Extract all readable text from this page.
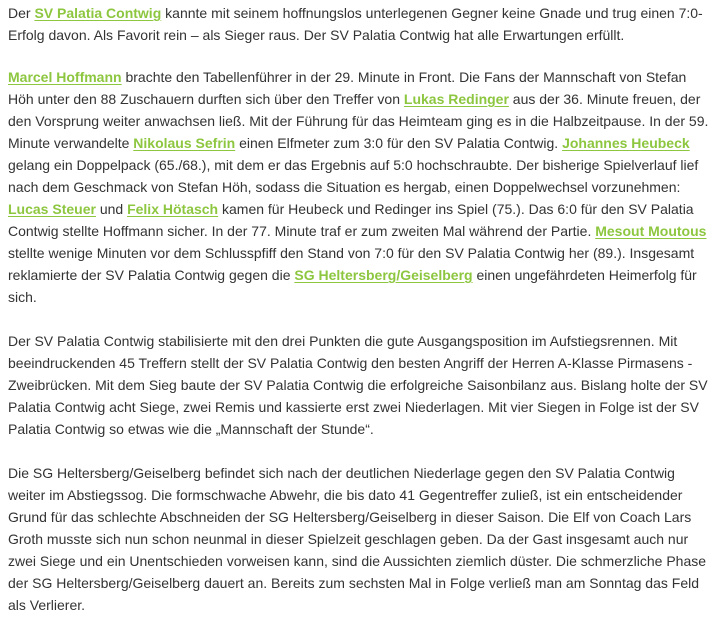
Der SV Palatia Contwig kannte mit seinem hoffnungslos unterlegenen Gegner keine Gnade und trug einen 7:0-Erfolg davon. Als Favorit rein – als Sieger raus. Der SV Palatia Contwig hat alle Erwartungen erfüllt.

Marcel Hoffmann brachte den Tabellenführer in der 29. Minute in Front. Die Fans der Mannschaft von Stefan Höh unter den 88 Zuschauern durften sich über den Treffer von Lukas Redinger aus der 36. Minute freuen, der den Vorsprung weiter anwachsen ließ. Mit der Führung für das Heimteam ging es in die Halbzeitpause. In der 59. Minute verwandelte Nikolaus Sefrin einen Elfmeter zum 3:0 für den SV Palatia Contwig. Johannes Heubeck gelang ein Doppelpack (65./68.), mit dem er das Ergebnis auf 5:0 hochschraubte. Der bisherige Spielverlauf lief nach dem Geschmack von Stefan Höh, sodass die Situation es hergab, einen Doppelwechsel vorzunehmen: Lucas Steuer und Felix Hötasch kamen für Heubeck und Redinger ins Spiel (75.). Das 6:0 für den SV Palatia Contwig stellte Hoffmann sicher. In der 77. Minute traf er zum zweiten Mal während der Partie. Mesout Moutous stellte wenige Minuten vor dem Schlusspfiff den Stand von 7:0 für den SV Palatia Contwig her (89.). Insgesamt reklamierte der SV Palatia Contwig gegen die SG Heltersberg/Geiselberg einen ungefährdeten Heimerfolg für sich.

Der SV Palatia Contwig stabilisierte mit den drei Punkten die gute Ausgangsposition im Aufstiegsrennen. Mit beeindruckenden 45 Treffern stellt der SV Palatia Contwig den besten Angriff der Herren A-Klasse Pirmasens - Zweibrücken. Mit dem Sieg baute der SV Palatia Contwig die erfolgreiche Saisonbilanz aus. Bislang holte der SV Palatia Contwig acht Siege, zwei Remis und kassierte erst zwei Niederlagen. Mit vier Siegen in Folge ist der SV Palatia Contwig so etwas wie die „Mannschaft der Stunde“.

Die SG Heltersberg/Geiselberg befindet sich nach der deutlichen Niederlage gegen den SV Palatia Contwig weiter im Abstiegssog. Die formschwache Abwehr, die bis dato 41 Gegentreffer zuließ, ist ein entscheidender Grund für das schlechte Abschneiden der SG Heltersberg/Geiselberg in dieser Saison. Die Elf von Coach Lars Groth musste sich nun schon neunmal in dieser Spielzeit geschlagen geben. Da der Gast insgesamt auch nur zwei Siege und ein Unentschieden vorweisen kann, sind die Aussichten ziemlich düster. Die schmerzliche Phase der SG Heltersberg/Geiselberg dauert an. Bereits zum sechsten Mal in Folge verließ man am Sonntag das Feld als Verlierer.
